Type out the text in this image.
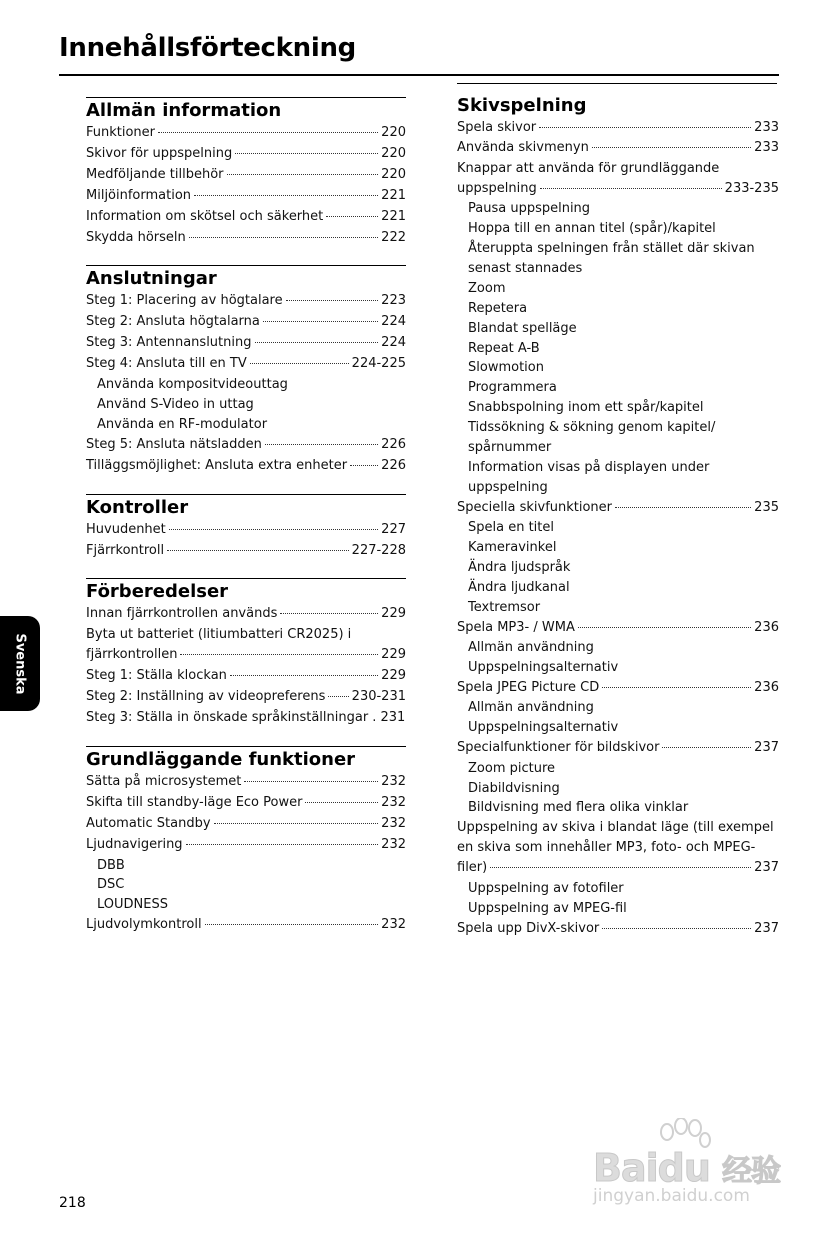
Innehållsförteckning
Allmän information
Funktioner	220
Skivor för uppspelning	220
Medföljande tillbehör	220
Miljöinformation	221
Information om skötsel och säkerhet	221
Skydda hörseln	222
Anslutningar
Steg 1: Placering av högtalare	223
Steg 2: Ansluta högtalarna	224
Steg 3: Antennanslutning	224
Steg 4: Ansluta till en TV	224-225
Använda kompositvideouttag
Använd S-Video in uttag
Använda en RF-modulator
Steg 5: Ansluta nätsladden	226
Tilläggsmöjlighet: Ansluta extra enheter	226
Kontroller
Huvudenhet	227
Fjärrkontroll	227-228
Förberedelser
Innan fjärrkontrollen används	229
Byta ut batteriet (litiumbatteri CR2025) i
fjärrkontrollen	229
Steg 1: Ställa klockan	229
Steg 2: Inställning av videopreferens 230-231
Steg 3: Ställa in önskade språkinställningar . 231
Grundläggande funktioner
Sätta på microsystemet	232
Skifta till standby-läge Eco Power	232
Automatic Standby	232
Ljudnavigering	232
DBB
DSC
LOUDNESS
Ljudvolymkontroll	232
Skivspelning
Spela skivor	233
Använda skivmenyn	233
Knappar att använda för grundläggande
uppspelning	233-235
Pausa uppspelning
Hoppa till en annan titel (spår)/kapitel
Återuppta spelningen från stället där skivan
senast stannades
Zoom
Repetera
Blandat spelläge
Repeat A-B
Slowmotion
Programmera
Snabbspolning inom ett spår/kapitel
Tidssökning & sökning genom kapitel/
spårnummer
Information visas på displayen under
uppspelning
Speciella skivfunktioner	235
Spela en titel
Kameravinkel
Ändra ljudspråk
Ändra ljudkanal
Textremsor
Spela MP3- / WMA	236
Allmän användning
Uppspelningsalternativ
Spela JPEG Picture CD	236
Allmän användning
Uppspelningsalternativ
Specialfunktioner för bildskivor	237
Zoom picture
Diabildvisning
Bildvisning med flera olika vinklar
Uppspelning av skiva i blandat läge (till exempel
en skiva som innehåller MP3, foto- och MPEG-
filer)	237
Uppspelning av fotofiler
Uppspelning av MPEG-fil
Spela upp DivX-skivor	237
Svenska
218
Baidu 经验
jingyan.baidu.com
